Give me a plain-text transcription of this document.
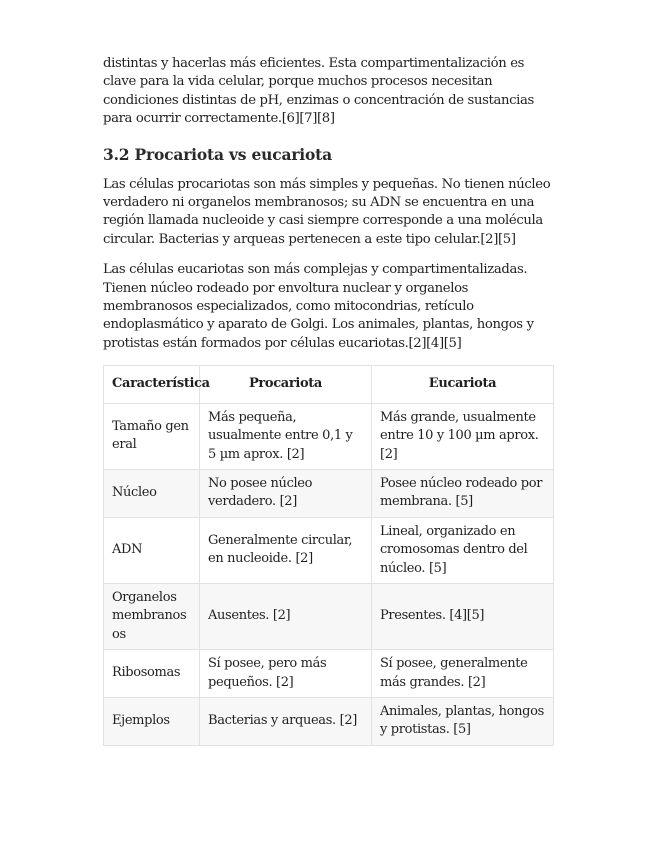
distintas y hacerlas más eficientes. Esta compartimentalización es clave para la vida celular, porque muchos procesos necesitan condiciones distintas de pH, enzimas o concentración de sustancias para ocurrir correctamente.[6][7][8]

3.2 Procariota vs eucariota

Las células procariotas son más simples y pequeñas. No tienen núcleo verdadero ni organelos membranosos; su ADN se encuentra en una región llamada nucleoide y casi siempre corresponde a una molécula circular. Bacterias y arqueas pertenecen a este tipo celular.[2][5]

Las células eucariotas son más complejas y compartimentalizadas. Tienen núcleo rodeado por envoltura nuclear y organelos membranosos especializados, como mitocondrias, retículo endoplasmático y aparato de Golgi. Los animales, plantas, hongos y protistas están formados por células eucariotas.[2][4][5]

Característica	Procariota	Eucariota
Tamaño general	Más pequeña, usualmente entre 0,1 y 5 µm aprox. [2]	Más grande, usualmente entre 10 y 100 µm aprox. [2]
Núcleo	No posee núcleo verdadero. [2]	Posee núcleo rodeado por membrana. [5]
ADN	Generalmente circular, en nucleoide. [2]	Lineal, organizado en cromosomas dentro del núcleo. [5]
Organelos membranosos	Ausentes. [2]	Presentes. [4][5]
Ribosomas	Sí posee, pero más pequeños. [2]	Sí posee, generalmente más grandes. [2]
Ejemplos	Bacterias y arqueas. [2]	Animales, plantas, hongos y protistas. [5]
